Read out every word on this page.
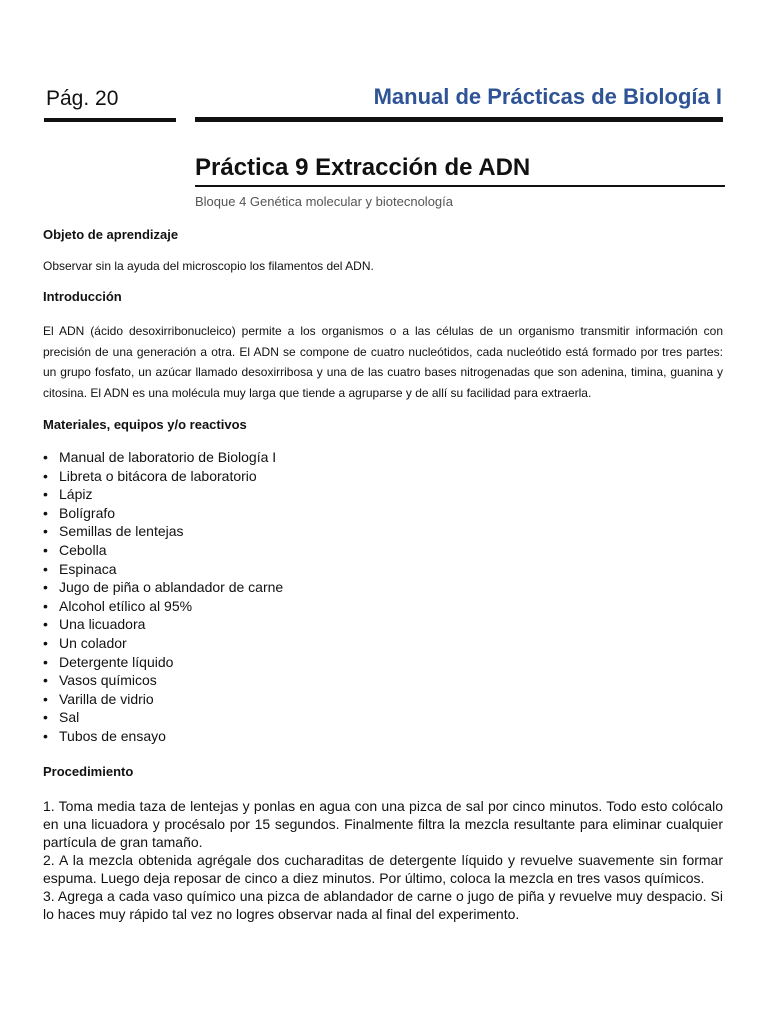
Pág. 20	Manual de Prácticas de Biología I
Práctica 9 Extracción de ADN

Bloque 4 Genética molecular y biotecnología

Objeto de aprendizaje

Observar sin la ayuda del microscopio los filamentos del ADN.

Introducción

El ADN (ácido desoxirribonucleico) permite a los organismos o a las células de un organismo transmitir información con precisión de una generación a otra. El ADN se compone de cuatro nucleótidos, cada nucleótido está formado por tres partes: un grupo fosfato, un azúcar llamado desoxirribosa y una de las cuatro bases nitrogenadas que son adenina, timina, guanina y citosina. El ADN es una molécula muy larga que tiende a agruparse y de allí su facilidad para extraerla.

Materiales, equipos y/o reactivos
• Manual de laboratorio de Biología I
• Libreta o bitácora de laboratorio
• Lápiz
• Bolígrafo
• Semillas de lentejas
• Cebolla
• Espinaca
• Jugo de piña o ablandador de carne
• Alcohol etílico al 95%
• Una licuadora
• Un colador
• Detergente líquido
• Vasos químicos
• Varilla de vidrio
• Sal
• Tubos de ensayo
Procedimiento

1. Toma media taza de lentejas y ponlas en agua con una pizca de sal por cinco minutos. Todo esto colócalo en una licuadora y procésalo por 15 segundos. Finalmente filtra la mezcla resultante para eliminar cualquier partícula de gran tamaño.

2. A la mezcla obtenida agrégale dos cucharaditas de detergente líquido y revuelve suavemente sin formar espuma. Luego deja reposar de cinco a diez minutos. Por último, coloca la mezcla en tres vasos químicos.

3. Agrega a cada vaso químico una pizca de ablandador de carne o jugo de piña y revuelve muy despacio. Si lo haces muy rápido tal vez no logres observar nada al final del experimento.
